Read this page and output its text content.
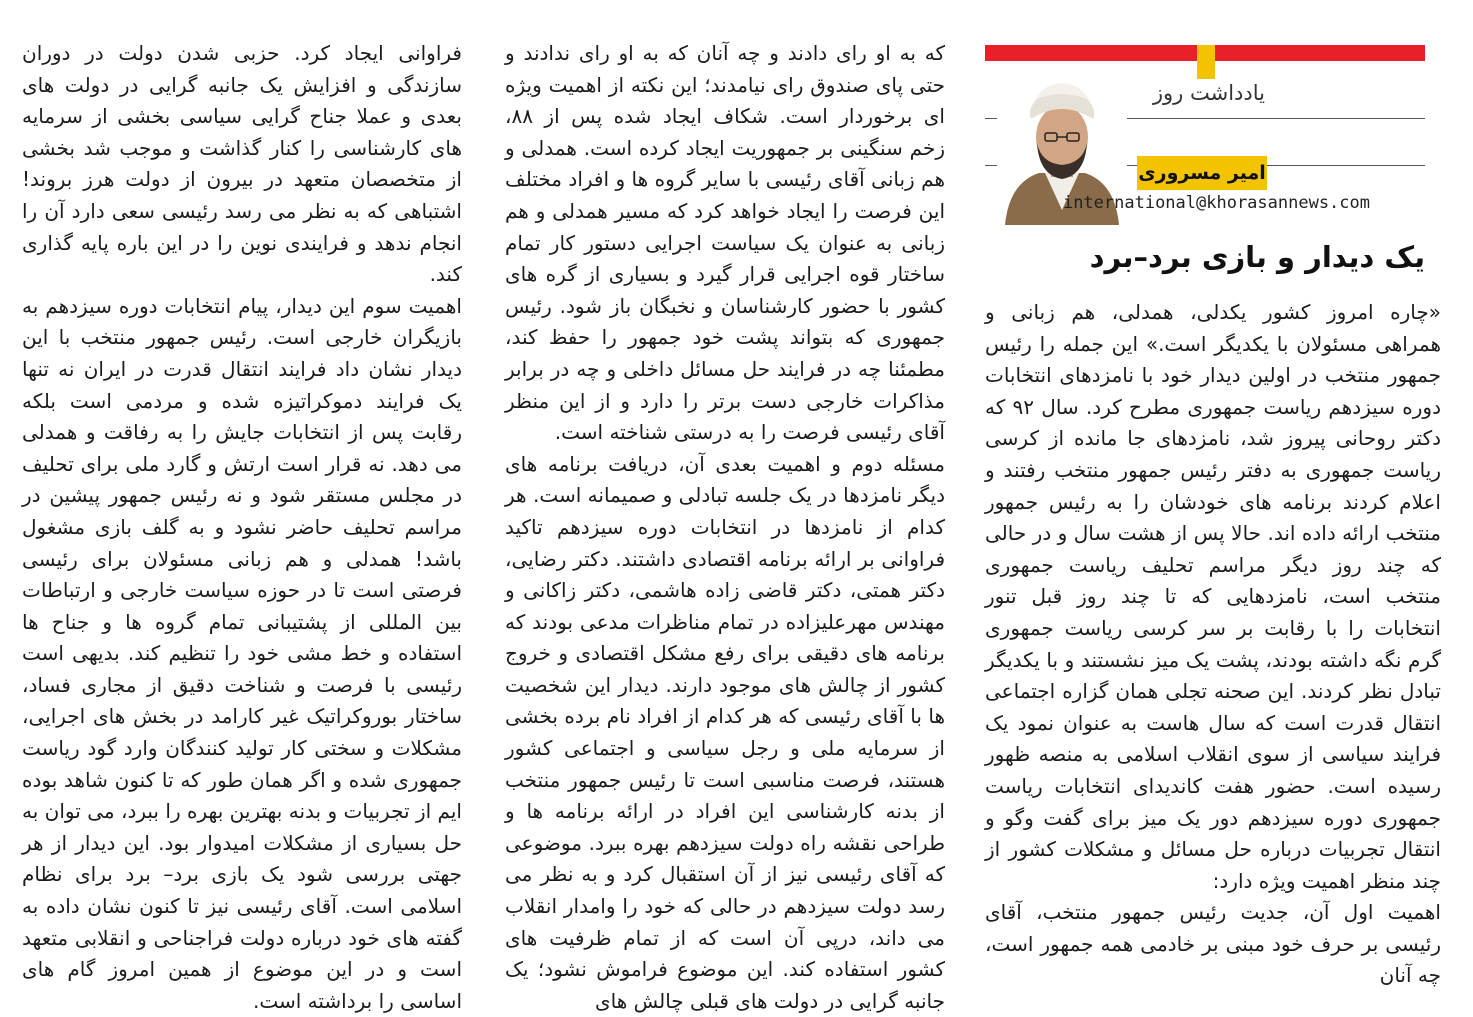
یادداشت روز
امیر مسروری
international@khorasannews.com
یک دیدار و بازی برد–برد

«چاره امروز کشور یکدلی، همدلی، هم زبانی و همراهی مسئولان با یکدیگر است.» این جمله را رئیس جمهور منتخب در اولین دیدار خود با نامزدهای انتخابات دوره سیزدهم ریاست جمهوری مطرح کرد. سال ۹۲ که دکتر روحانی پیروز شد، نامزدهای جا مانده از کرسی ریاست جمهوری به دفتر رئیس جمهور منتخب رفتند و اعلام کردند برنامه های خودشان را به رئیس جمهور منتخب ارائه داده اند. حالا پس از هشت سال و در حالی که چند روز دیگر مراسم تحلیف ریاست جمهوری منتخب است، نامزدهایی که تا چند روز قبل تنور انتخابات را با رقابت بر سر کرسی ریاست جمهوری گرم نگه داشته بودند، پشت یک میز نشستند و با یکدیگر تبادل نظر کردند. این صحنه تجلی همان گزاره اجتماعی انتقال قدرت است که سال هاست به عنوان نمود یک فرایند سیاسی از سوی انقلاب اسلامی به منصه ظهور رسیده است. حضور هفت کاندیدای انتخابات ریاست جمهوری دوره سیزدهم دور یک میز برای گفت وگو و انتقال تجربیات درباره حل مسائل و مشکلات کشور از چند منظر اهمیت ویژه دارد:

اهمیت اول آن، جدیت رئیس جمهور منتخب، آقای رئیسی بر حرف خود مبنی بر خادمی همه جمهور است، چه آنان

که به او رای دادند و چه آنان که به او رای ندادند و حتی پای صندوق رای نیامدند؛ این نکته از اهمیت ویژه ای برخوردار است. شکاف ایجاد شده پس از ۸۸، زخم سنگینی بر جمهوریت ایجاد کرده است. همدلی و هم زبانی آقای رئیسی با سایر گروه ها و افراد مختلف این فرصت را ایجاد خواهد کرد که مسیر همدلی و هم زبانی به عنوان یک سیاست اجرایی دستور کار تمام ساختار قوه اجرایی قرار گیرد و بسیاری از گره های کشور با حضور کارشناسان و نخبگان باز شود. رئیس جمهوری که بتواند پشت خود جمهور را حفظ کند، مطمئنا چه در فرایند حل مسائل داخلی و چه در برابر مذاکرات خارجی دست برتر را دارد و از این منظر آقای رئیسی فرصت را به درستی شناخته است.

مسئله دوم و اهمیت بعدی آن، دریافت برنامه های دیگر نامزدها در یک جلسه تبادلی و صمیمانه است. هر کدام از نامزدها در انتخابات دوره سیزدهم تاکید فراوانی بر ارائه برنامه اقتصادی داشتند. دکتر رضایی، دکتر همتی، دکتر قاضی زاده هاشمی، دکتر زاکانی و مهندس مهرعلیزاده در تمام مناظرات مدعی بودند که برنامه های دقیقی برای رفع مشکل اقتصادی و خروج کشور از چالش های موجود دارند. دیدار این شخصیت ها با آقای رئیسی که هر کدام از افراد نام برده بخشی از سرمایه ملی و رجل سیاسی و اجتماعی کشور هستند، فرصت مناسبی است تا رئیس جمهور منتخب از بدنه کارشناسی این افراد در ارائه برنامه ها و طراحی نقشه راه دولت سیزدهم بهره ببرد. موضوعی که آقای رئیسی نیز از آن استقبال کرد و به نظر می رسد دولت سیزدهم در حالی که خود را وامدار انقلاب می داند، درپی آن است که از تمام ظرفیت های کشور استفاده کند. این موضوع فراموش نشود؛ یک جانبه گرایی در دولت های قبلی چالش های

فراوانی ایجاد کرد. حزبی شدن دولت در دوران سازندگی و افزایش یک جانبه گرایی در دولت های بعدی و عملا جناح گرایی سیاسی بخشی از سرمایه های کارشناسی را کنار گذاشت و موجب شد بخشی از متخصصان متعهد در بیرون از دولت هرز بروند! اشتباهی که به نظر می رسد رئیسی سعی دارد آن را انجام ندهد و فرایندی نوین را در این باره پایه گذاری کند.

اهمیت سوم این دیدار، پیام انتخابات دوره سیزدهم به بازیگران خارجی است. رئیس جمهور منتخب با این دیدار نشان داد فرایند انتقال قدرت در ایران نه تنها یک فرایند دموکراتیزه شده و مردمی است بلکه رقابت پس از انتخابات جایش را به رفاقت و همدلی می دهد. نه قرار است ارتش و گارد ملی برای تحلیف در مجلس مستقر شود و نه رئیس جمهور پیشین در مراسم تحلیف حاضر نشود و به گلف بازی مشغول باشد! همدلی و هم زبانی مسئولان برای رئیسی فرصتی است تا در حوزه سیاست خارجی و ارتباطات بین المللی از پشتیبانی تمام گروه ها و جناح ها استفاده و خط مشی خود را تنظیم کند. بدیهی است رئیسی با فرصت و شناخت دقیق از مجاری فساد، ساختار بوروکراتیک غیر کارامد در بخش های اجرایی، مشکلات و سختی کار تولید کنندگان وارد گود ریاست جمهوری شده و اگر همان طور که تا کنون شاهد بوده ایم از تجربیات و بدنه بهترین بهره را ببرد، می توان به حل بسیاری از مشکلات امیدوار بود. این دیدار از هر جهتی بررسی شود یک بازی برد– برد برای نظام اسلامی است. آقای رئیسی نیز تا کنون نشان داده به گفته های خود درباره دولت فراجناحی و انقلابی متعهد است و در این موضوع از همین امروز گام های اساسی را برداشته است.
